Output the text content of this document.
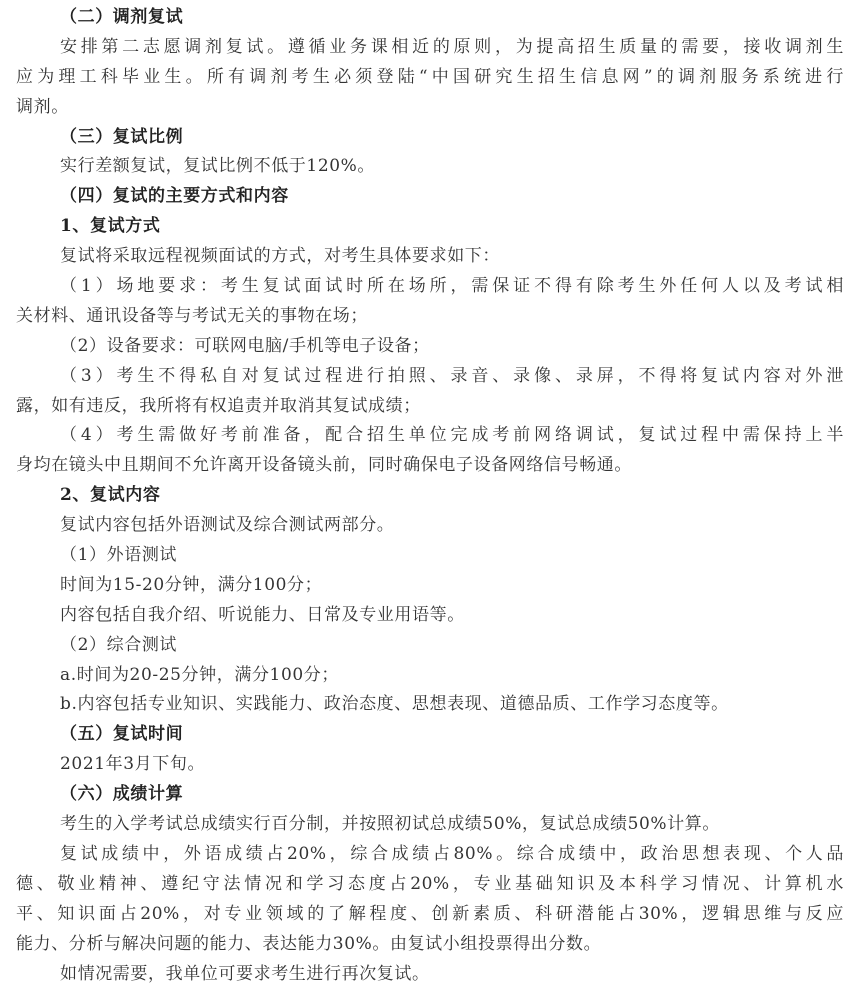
（二）调剂复试
安排第二志愿调剂复试。遵循业务课相近的原则，为提高招生质量的需要，接收调剂生
应为理工科毕业生。所有调剂考生必须登陆“中国研究生招生信息网”的调剂服务系统进行
调剂。
（三）复试比例
实行差额复试，复试比例不低于120%。
（四）复试的主要方式和内容
1、复试方式
复试将采取远程视频面试的方式，对考生具体要求如下：
（1）场地要求：考生复试面试时所在场所，需保证不得有除考生外任何人以及考试相
关材料、通讯设备等与考试无关的事物在场；
（2）设备要求：可联网电脑/手机等电子设备；
（3）考生不得私自对复试过程进行拍照、录音、录像、录屏，不得将复试内容对外泄
露，如有违反，我所将有权追责并取消其复试成绩；
（4）考生需做好考前准备，配合招生单位完成考前网络调试，复试过程中需保持上半
身均在镜头中且期间不允许离开设备镜头前，同时确保电子设备网络信号畅通。
2、复试内容
复试内容包括外语测试及综合测试两部分。
（1）外语测试
时间为15-20分钟，满分100分；
内容包括自我介绍、听说能力、日常及专业用语等。
（2）综合测试
a.时间为20-25分钟，满分100分；
b.内容包括专业知识、实践能力、政治态度、思想表现、道德品质、工作学习态度等。
（五）复试时间
2021年3月下旬。
（六）成绩计算
考生的入学考试总成绩实行百分制，并按照初试总成绩50%，复试总成绩50%计算。
复试成绩中，外语成绩占20%，综合成绩占80%。综合成绩中，政治思想表现、个人品
德、敬业精神、遵纪守法情况和学习态度占20%，专业基础知识及本科学习情况、计算机水
平、知识面占20%，对专业领域的了解程度、创新素质、科研潜能占30%，逻辑思维与反应
能力、分析与解决问题的能力、表达能力30%。由复试小组投票得出分数。
如情况需要，我单位可要求考生进行再次复试。
